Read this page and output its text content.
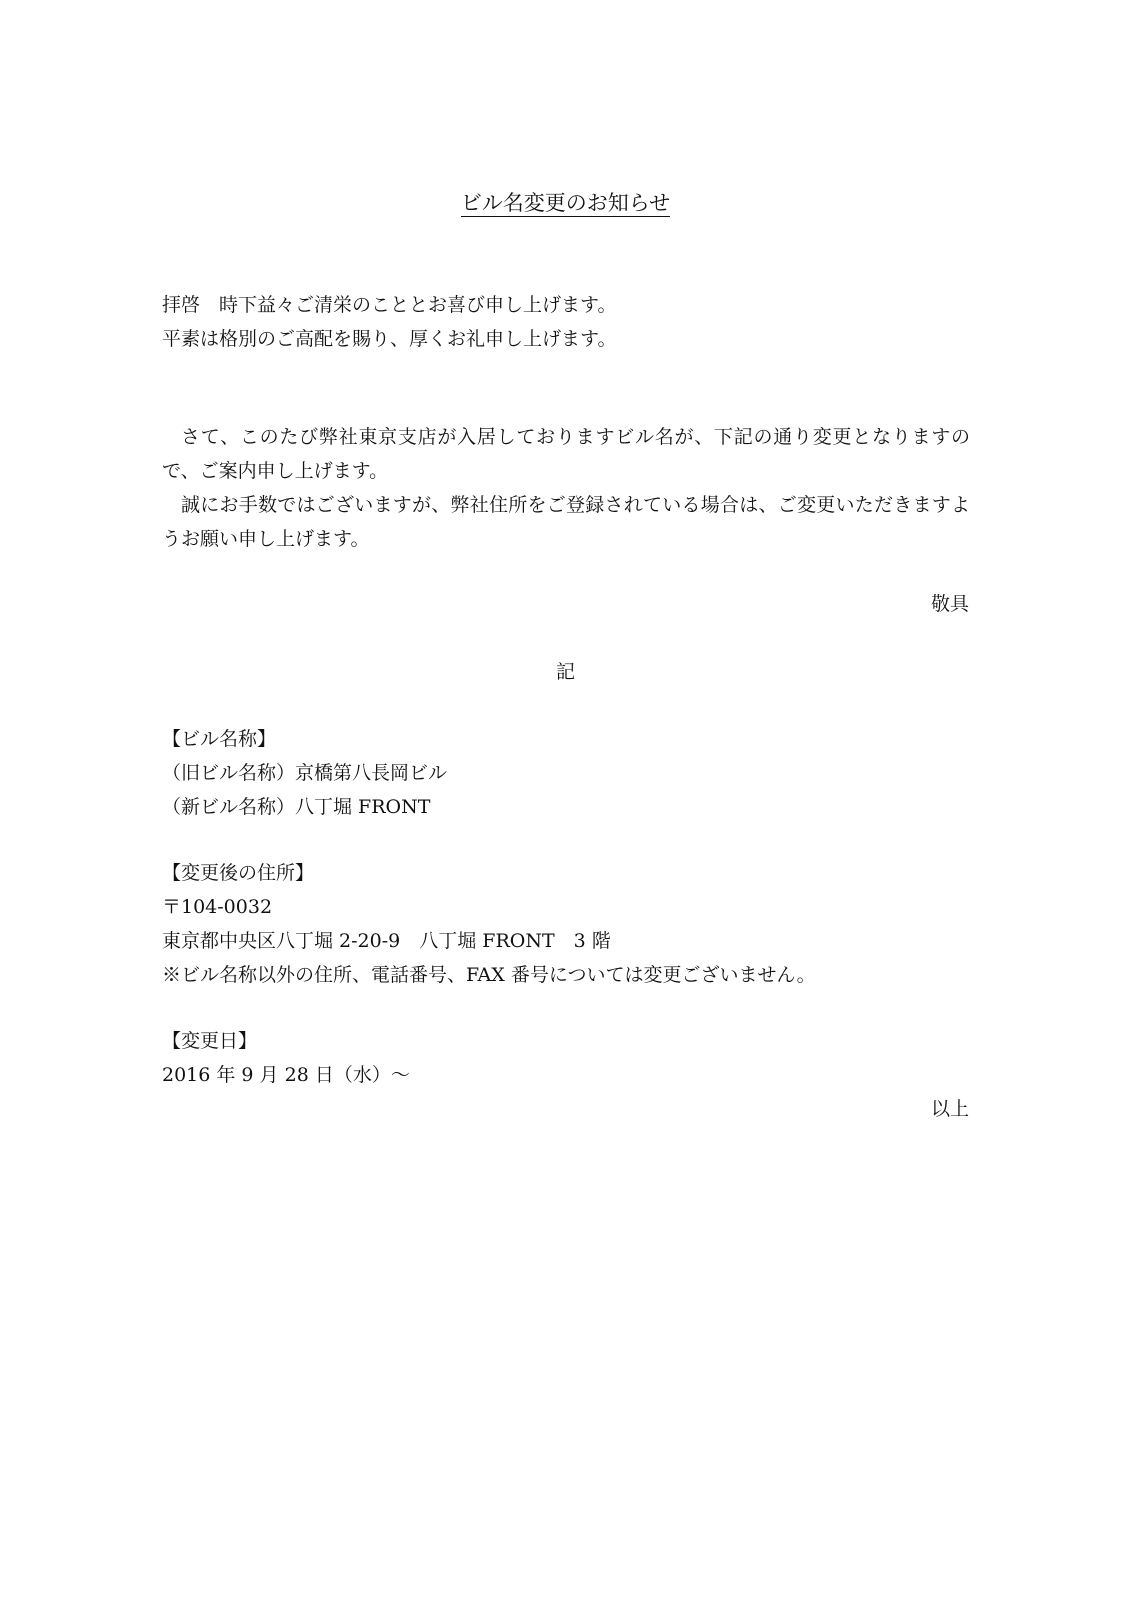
ビル名変更のお知らせ
拝啓　時下益々ご清栄のこととお喜び申し上げます。
平素は格別のご高配を賜り、厚くお礼申し上げます。
さて、このたび弊社東京支店が入居しておりますビル名が、下記の通り変更となりますので、ご案内申し上げます。
誠にお手数ではございますが、弊社住所をご登録されている場合は、ご変更いただきますようお願い申し上げます。
敬具
記
【ビル名称】
（旧ビル名称）京橋第八長岡ビル
（新ビル名称）八丁堀 FRONT
【変更後の住所】
〒104-0032
東京都中央区八丁堀 2-20-9　八丁堀 FRONT　3 階
※ビル名称以外の住所、電話番号、FAX 番号については変更ございません。
【変更日】
2016 年 9 月 28 日（水）～
以上
